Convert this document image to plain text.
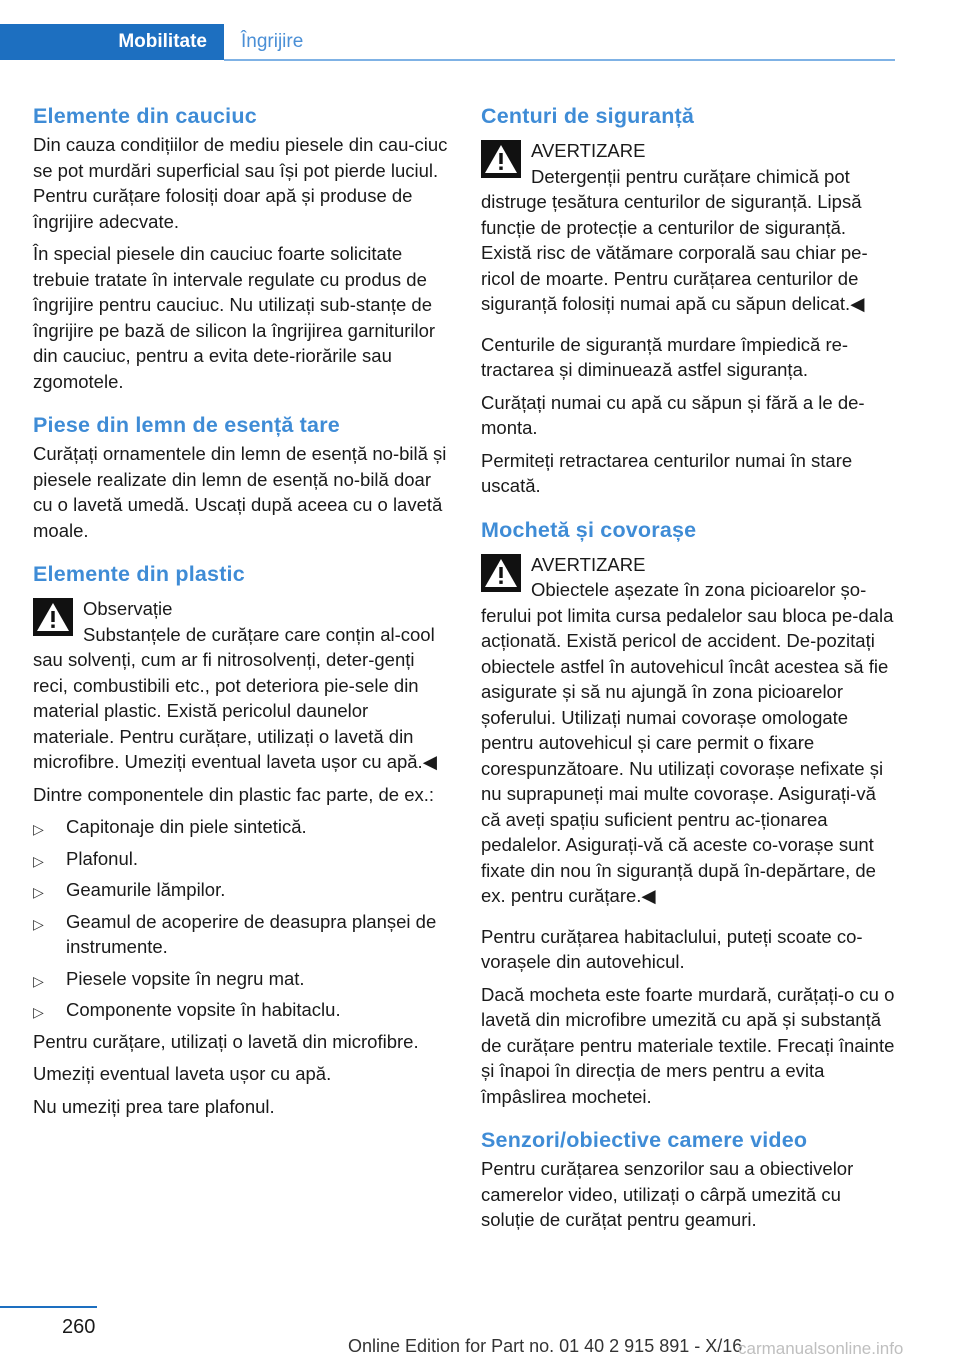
Mobilitate	Îngrijire
Elemente din cauciuc

Din cauza condițiilor de mediu piesele din cau-ciuc se pot murdări superficial sau își pot pierde luciul. Pentru curățare folosiți doar apă și produse de îngrijire adecvate.

În special piesele din cauciuc foarte solicitate trebuie tratate în intervale regulate cu produs de îngrijire pentru cauciuc. Nu utilizați sub-stanțe de îngrijire pe bază de silicon la îngrijirea garniturilor din cauciuc, pentru a evita dete-riorările sau zgomotele.

Piese din lemn de esență tare

Curățați ornamentele din lemn de esență no-bilă și piesele realizate din lemn de esență no-bilă doar cu o lavetă umedă. Uscați după aceea cu o lavetă moale.

Elemente din plastic
Observație
Substanțele de curățare care conțin al-cool sau solvenți, cum ar fi nitrosolvenți, deter-genți reci, combustibili etc., pot deteriora pie-sele din material plastic. Există pericolul daunelor materiale. Pentru curățare, utilizați o lavetă din microfibre. Umeziți eventual laveta ușor cu apă.◀

Dintre componentele din plastic fac parte, de ex.:

▷ Capitonaje din piele sintetică.
▷ Plafonul.
▷ Geamurile lămpilor.
▷ Geamul de acoperire de deasupra planșei de instrumente.
▷ Piesele vopsite în negru mat.
▷ Componente vopsite în habitaclu.

Pentru curățare, utilizați o lavetă din microfibre.

Umeziți eventual laveta ușor cu apă.

Nu umeziți prea tare plafonul.

Centuri de siguranță
AVERTIZARE
Detergenții pentru curățare chimică pot distruge țesătura centurilor de siguranță. Lipsă funcție de protecție a centurilor de siguranță. Există risc de vătămare corporală sau chiar pe-ricol de moarte. Pentru curățarea centurilor de siguranță folosiți numai apă cu săpun delicat.◀

Centurile de siguranță murdare împiedică re-tractarea și diminuează astfel siguranța.

Curățați numai cu apă cu săpun și fără a le de-monta.

Permiteți retractarea centurilor numai în stare uscată.

Mochetă și covorașe
AVERTIZARE
Obiectele așezate în zona picioarelor șo-ferului pot limita cursa pedalelor sau bloca pe-dala acționată. Există pericol de accident. De-pozitați obiectele astfel în autovehicul încât acestea să fie asigurate și să nu ajungă în zona picioarelor șoferului. Utilizați numai covorașe omologate pentru autovehicul și care permit o fixare corespunzătoare. Nu utilizați covorașe nefixate și nu suprapuneți mai multe covorașe. Asigurați-vă că aveți spațiu suficient pentru ac-ționarea pedalelor. Asigurați-vă că aceste co-vorașe sunt fixate din nou în siguranță după în-depărtare, de ex. pentru curățare.◀

Pentru curățarea habitaclului, puteți scoate co-vorașele din autovehicul.

Dacă mocheta este foarte murdară, curățați-o cu o lavetă din microfibre umezită cu apă și substanță de curățare pentru materiale textile. Frecați înainte și înapoi în direcția de mers pentru a evita împâslirea mochetei.

Senzori/obiective camere video

Pentru curățarea senzorilor sau a obiectivelor camerelor video, utilizați o cârpă umezită cu soluție de curățat pentru geamuri.

260
Online Edition for Part no. 01 40 2 915 891 - X/16
carmanualsonline.info
